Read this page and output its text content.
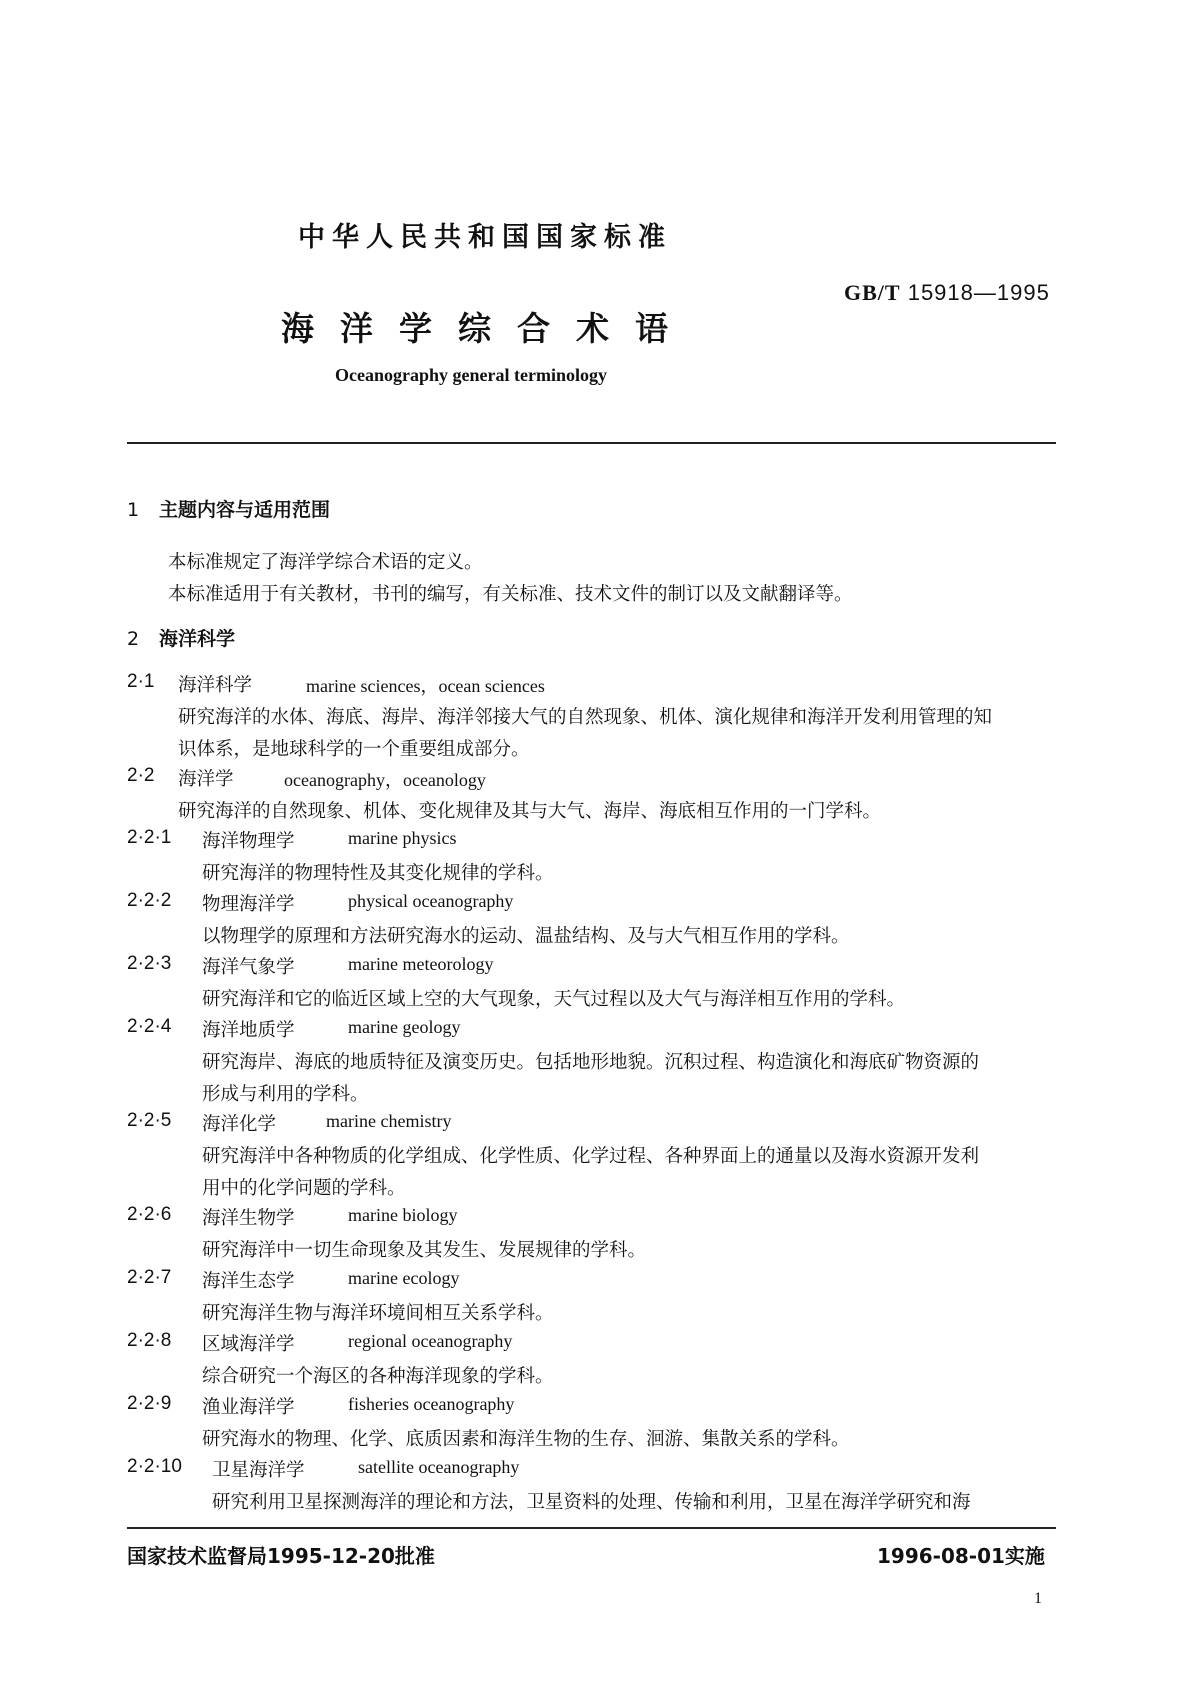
中华人民共和国国家标准
GB/T 15918—1995
海洋学综合术语
Oceanography general terminology
1 主题内容与适用范围
本标准规定了海洋学综合术语的定义。
本标准适用于有关教材，书刊的编写，有关标准、技术文件的制订以及文献翻译等。
2 海洋科学
2·1 海洋科学	marine sciences，ocean sciences
研究海洋的水体、海底、海岸、海洋邻接大气的自然现象、机体、演化规律和海洋开发利用管理的知
识体系，是地球科学的一个重要组成部分。
2·2 海洋学	oceanography，oceanology
研究海洋的自然现象、机体、变化规律及其与大气、海岸、海底相互作用的一门学科。
2·2·1 海洋物理学	marine physics
研究海洋的物理特性及其变化规律的学科。
2·2·2 物理海洋学	physical oceanography
以物理学的原理和方法研究海水的运动、温盐结构、及与大气相互作用的学科。
2·2·3 海洋气象学	marine meteorology
研究海洋和它的临近区域上空的大气现象，天气过程以及大气与海洋相互作用的学科。
2·2·4 海洋地质学	marine geology
研究海岸、海底的地质特征及演变历史。包括地形地貌。沉积过程、构造演化和海底矿物资源的
形成与利用的学科。
2·2·5 海洋化学	marine chemistry
研究海洋中各种物质的化学组成、化学性质、化学过程、各种界面上的通量以及海水资源开发利
用中的化学问题的学科。
2·2·6 海洋生物学	marine biology
研究海洋中一切生命现象及其发生、发展规律的学科。
2·2·7 海洋生态学	marine ecology
研究海洋生物与海洋环境间相互关系学科。
2·2·8 区域海洋学	regional oceanography
综合研究一个海区的各种海洋现象的学科。
2·2·9 渔业海洋学	fisheries oceanography
研究海水的物理、化学、底质因素和海洋生物的生存、洄游、集散关系的学科。
2·2·10 卫星海洋学	satellite oceanography
研究利用卫星探测海洋的理论和方法，卫星资料的处理、传输和利用，卫星在海洋学研究和海
国家技术监督局1995-12-20批准	1996-08-01实施
1
